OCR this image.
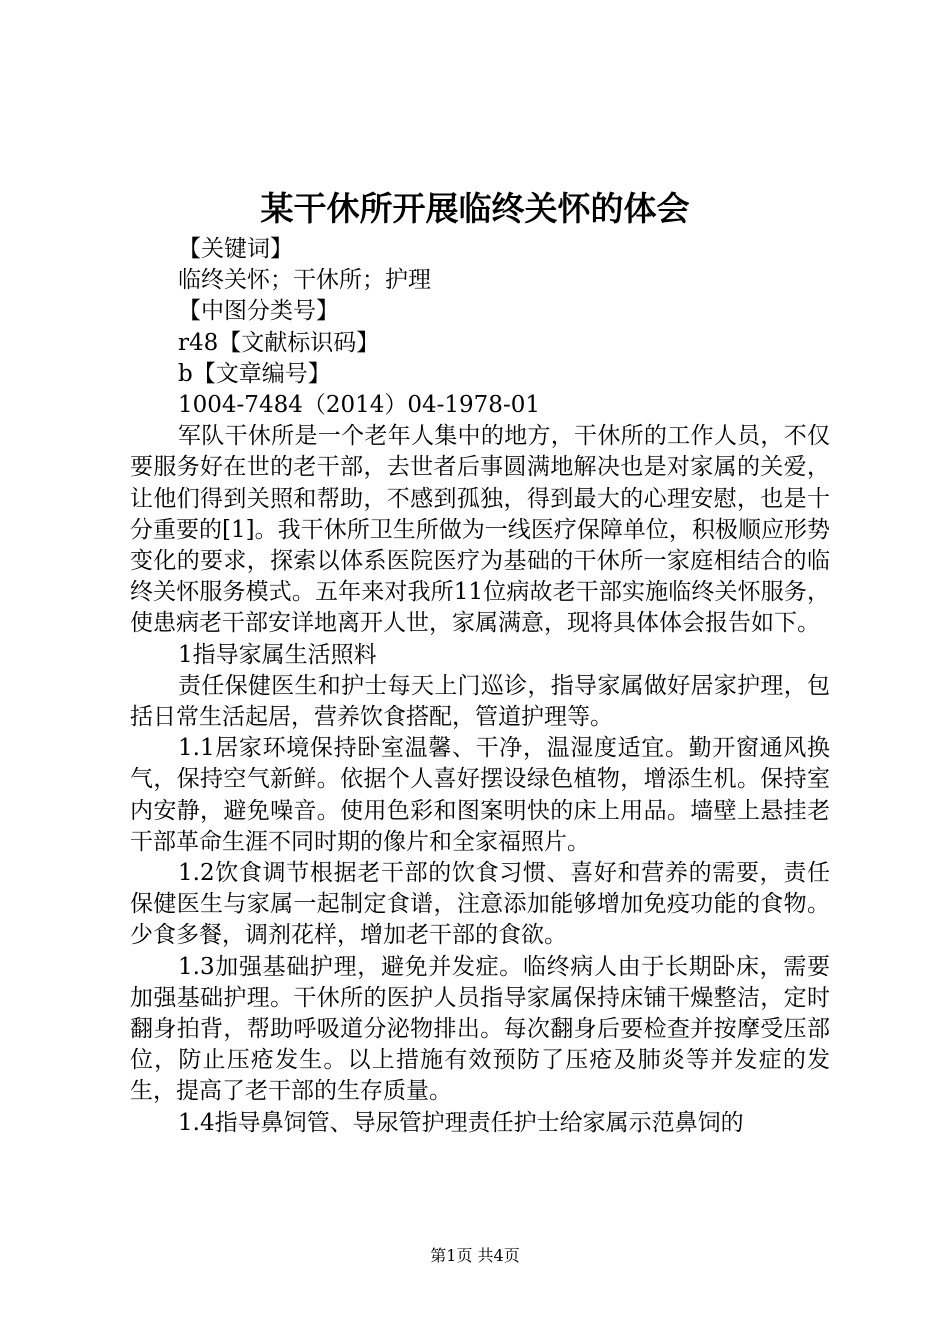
某干休所开展临终关怀的体会

【关键词】

临终关怀；干休所；护理

【中图分类号】

r48【文献标识码】

b【文章编号】

1004-7484（2014）04-1978-01

军队干休所是一个老年人集中的地方，干休所的工作人员，不仅要服务好在世的老干部，去世者后事圆满地解决也是对家属的关爱，让他们得到关照和帮助，不感到孤独，得到最大的心理安慰，也是十分重要的[1]。我干休所卫生所做为一线医疗保障单位，积极顺应形势变化的要求，探索以体系医院医疗为基础的干休所一家庭相结合的临终关怀服务模式。五年来对我所11位病故老干部实施临终关怀服务，使患病老干部安详地离开人世，家属满意，现将具体体会报告如下。

1指导家属生活照料

责任保健医生和护士每天上门巡诊，指导家属做好居家护理，包括日常生活起居，营养饮食搭配，管道护理等。

1.1居家环境保持卧室温馨、干净，温湿度适宜。勤开窗通风换气，保持空气新鲜。依据个人喜好摆设绿色植物，增添生机。保持室内安静，避免噪音。使用色彩和图案明快的床上用品。墙壁上悬挂老干部革命生涯不同时期的像片和全家福照片。

1.2饮食调节根据老干部的饮食习惯、喜好和营养的需要，责任保健医生与家属一起制定食谱，注意添加能够增加免疫功能的食物。少食多餐，调剂花样，增加老干部的食欲。

1.3加强基础护理，避免并发症。临终病人由于长期卧床，需要加强基础护理。干休所的医护人员指导家属保持床铺干燥整洁，定时翻身拍背，帮助呼吸道分泌物排出。每次翻身后要检查并按摩受压部位，防止压疮发生。以上措施有效预防了压疮及肺炎等并发症的发生，提高了老干部的生存质量。

1.4指导鼻饲管、导尿管护理责任护士给家属示范鼻饲的

第1页 共4页
